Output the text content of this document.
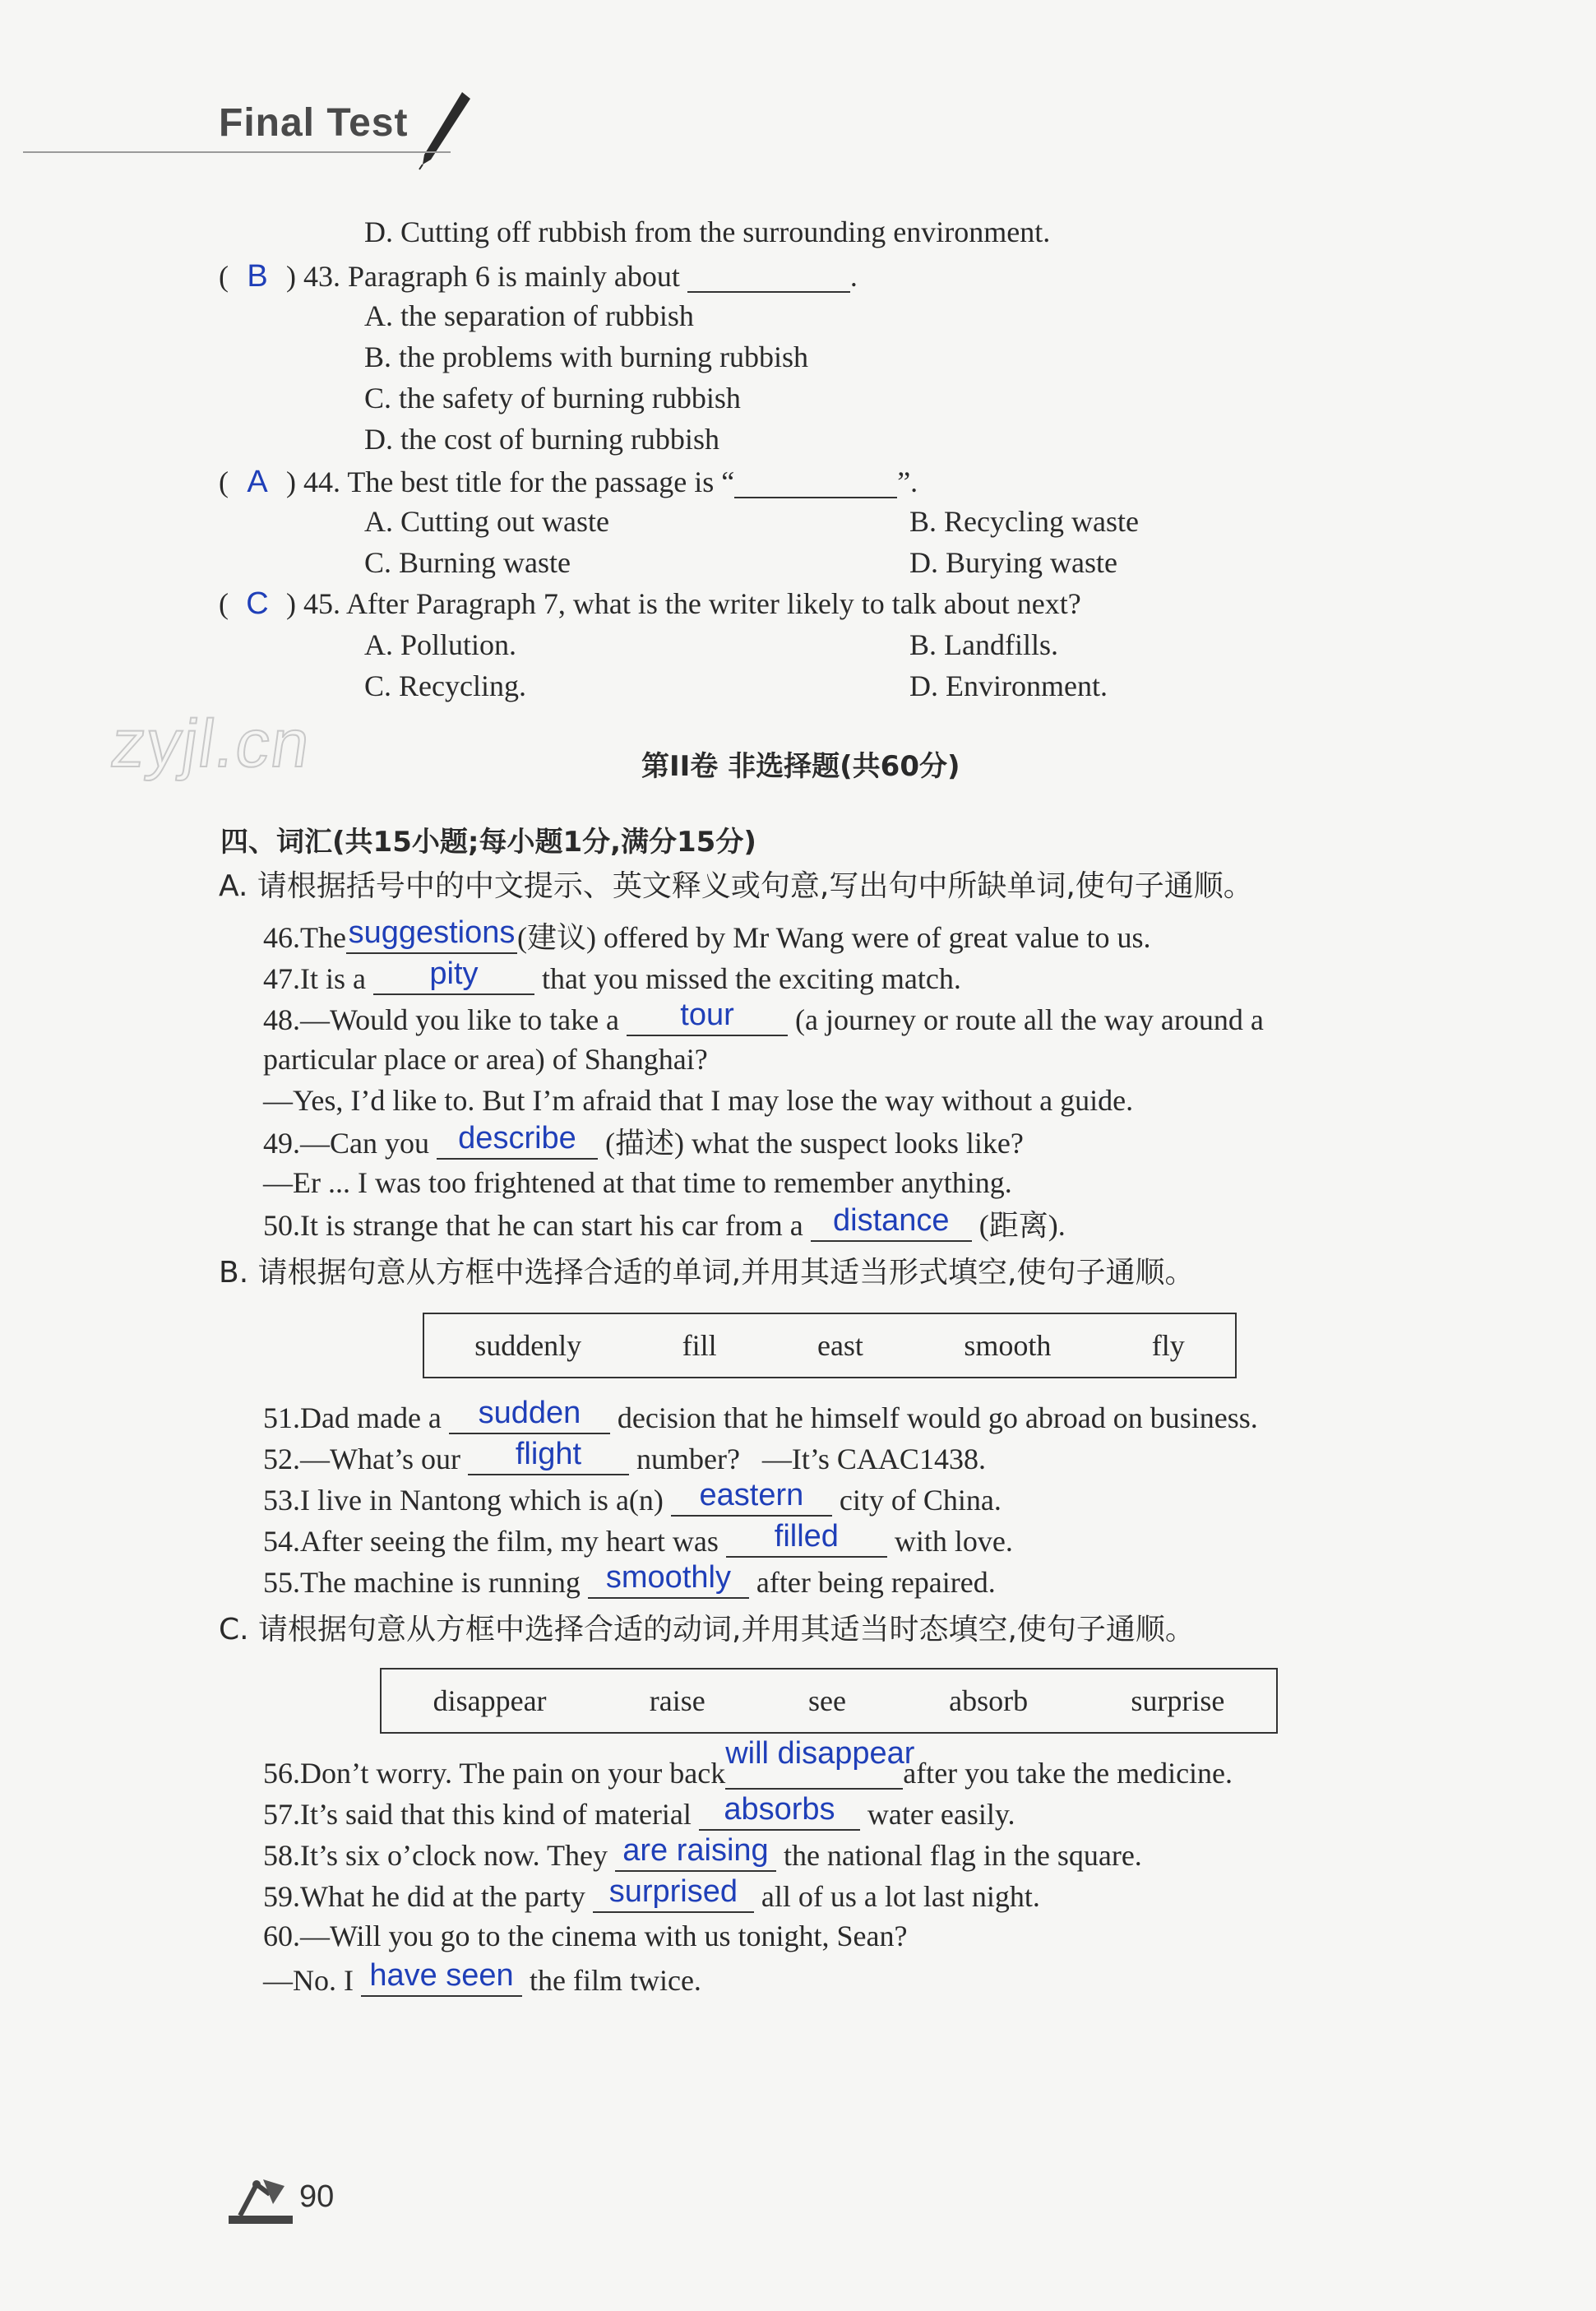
Final Test
zyjl.cn
D. Cutting off rubbish from the surrounding environment.
( B ) 43. Paragraph 6 is mainly about	.
A. the separation of rubbish
B. the problems with burning rubbish
C. the safety of burning rubbish
D. the cost of burning rubbish
( A ) 44. The best title for the passage is “	”.
A. Cutting out waste	B. Recycling waste
C. Burning waste	D. Burying waste
( C ) 45. After Paragraph 7, what is the writer likely to talk about next?
A. Pollution.	B. Landfills.
C. Recycling.	D. Environment.
第II卷 非选择题(共60分)
四、词汇(共15小题;每小题1分,满分15分)
A. 请根据括号中的中文提示、英文释义或句意,写出句中所缺单词,使句子通顺。
46.Thesuggestions(建议) offered by Mr Wang were of great value to us.
47.It is a pity that you missed the exciting match.
48.—Would you like to take a tour (a journey or route all the way around a
particular place or area) of Shanghai?
—Yes, I’d like to. But I’m afraid that I may lose the way without a guide.
49.—Can you describe (描述) what the suspect looks like?
—Er ... I was too frightened at that time to remember anything.
50.It is strange that he can start his car from a distance (距离).
B. 请根据句意从方框中选择合适的单词,并用其适当形式填空,使句子通顺。
suddenly	fill	east	smooth	fly
51.Dad made a sudden decision that he himself would go abroad on business.
52.—What’s our flight number?   —It’s CAAC1438.
53.I live in Nantong which is a(n) eastern city of China.
54.After seeing the film, my heart was filled with love.
55.The machine is running smoothly after being repaired.
C. 请根据句意从方框中选择合适的动词,并用其适当时态填空,使句子通顺。
disappear	raise	see	absorb	surprise
56.Don’t worry. The pain on your backwill disappearafter you take the medicine.
57.It’s said that this kind of material absorbs water easily.
58.It’s six o’clock now. They are raising the national flag in the square.
59.What he did at the party surprised all of us a lot last night.
60.—Will you go to the cinema with us tonight, Sean?
—No. I have seen the film twice.
90
